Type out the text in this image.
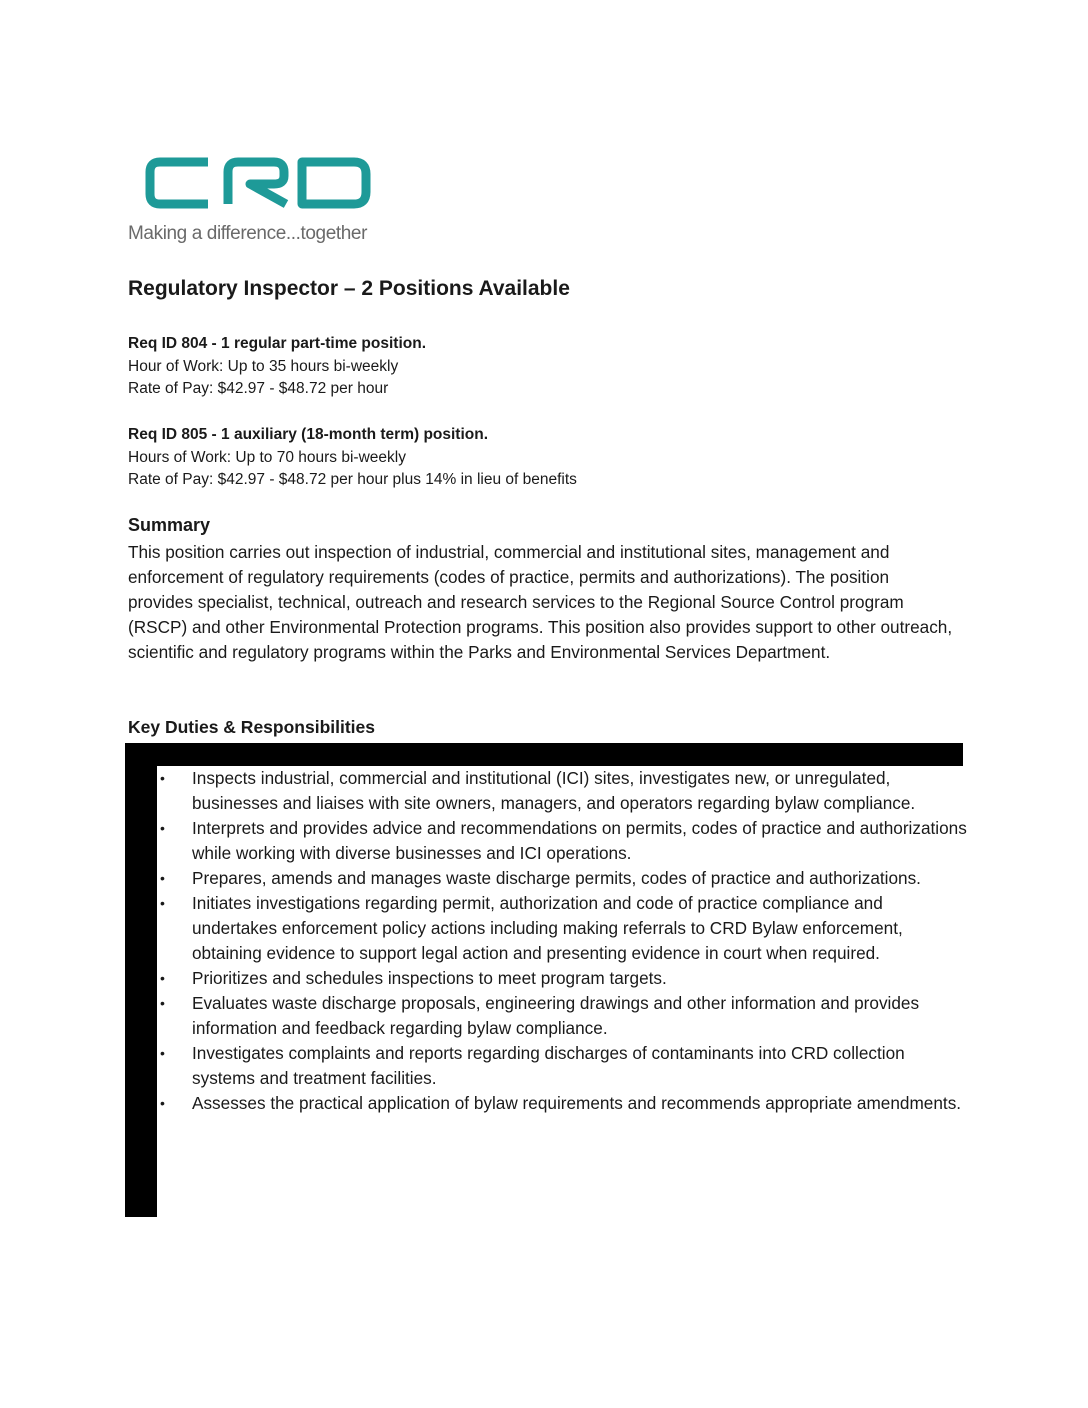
Making a difference...together
Regulatory Inspector – 2 Positions Available
Req ID 804 - 1 regular part-time position.
Hour of Work: Up to 35 hours bi-weekly
Rate of Pay: $42.97 - $48.72 per hour
Req ID 805 - 1 auxiliary (18-month term) position.
Hours of Work: Up to 70 hours bi-weekly
Rate of Pay: $42.97 - $48.72 per hour plus 14% in lieu of benefits
Summary

This position carries out inspection of industrial, commercial and institutional sites, management and enforcement of regulatory requirements (codes of practice, permits and authorizations). The position provides specialist, technical, outreach and research services to the Regional Source Control program (RSCP) and other Environmental Protection programs. This position also provides support to other outreach, scientific and regulatory programs within the Parks and Environmental Services Department.

Key Duties & Responsibilities
• Inspects industrial, commercial and institutional (ICI) sites, investigates new, or unregulated, businesses and liaises with site owners, managers, and operators regarding bylaw compliance.
• Interprets and provides advice and recommendations on permits, codes of practice and authorizations while working with diverse businesses and ICI operations.
• Prepares, amends and manages waste discharge permits, codes of practice and authorizations.
• Initiates investigations regarding permit, authorization and code of practice compliance and undertakes enforcement policy actions including making referrals to CRD Bylaw enforcement, obtaining evidence to support legal action and presenting evidence in court when required.
• Prioritizes and schedules inspections to meet program targets.
• Evaluates waste discharge proposals, engineering drawings and other information and provides information and feedback regarding bylaw compliance.
• Investigates complaints and reports regarding discharges of contaminants into CRD collection systems and treatment facilities.
• Assesses the practical application of bylaw requirements and recommends appropriate amendments.
